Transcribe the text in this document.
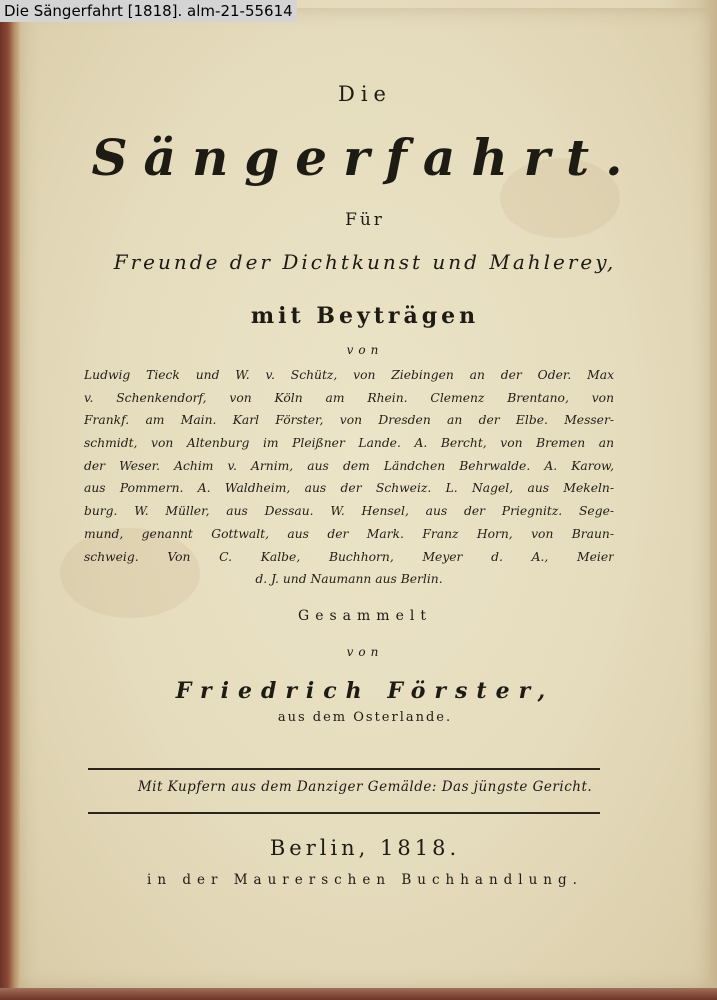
Die
Sängerfahrt.
Für
Freunde der Dichtkunst und Mahlerey,
mit Beyträgen
von
Ludwig Tieck und W. v. Schütz, von Ziebingen an der Oder. Max
v. Schenkendorf, von Köln am Rhein. Clemenz Brentano, von
Frankf. am Main. Karl Förster, von Dresden an der Elbe. Messer-
schmidt, von Altenburg im Pleißner Lande. A. Bercht, von Bremen an
der Weser. Achim v. Arnim, aus dem Ländchen Behrwalde. A. Karow,
aus Pommern. A. Waldheim, aus der Schweiz. L. Nagel, aus Mekeln-
burg. W. Müller, aus Dessau. W. Hensel, aus der Priegnitz. Sege-
mund, genannt Gottwalt, aus der Mark. Franz Horn, von Braun-
schweig. Von C. Kalbe, Buchhorn, Meyer d. A., Meier
d. J. und Naumann aus Berlin.
Gesammelt
von
Friedrich Förster,
aus dem Osterlande.
Mit Kupfern aus dem Danziger Gemälde: Das jüngste Gericht.
Berlin, 1818.
in der Maurerschen Buchhandlung.
Die Sängerfahrt [1818]. alm-21-55614
